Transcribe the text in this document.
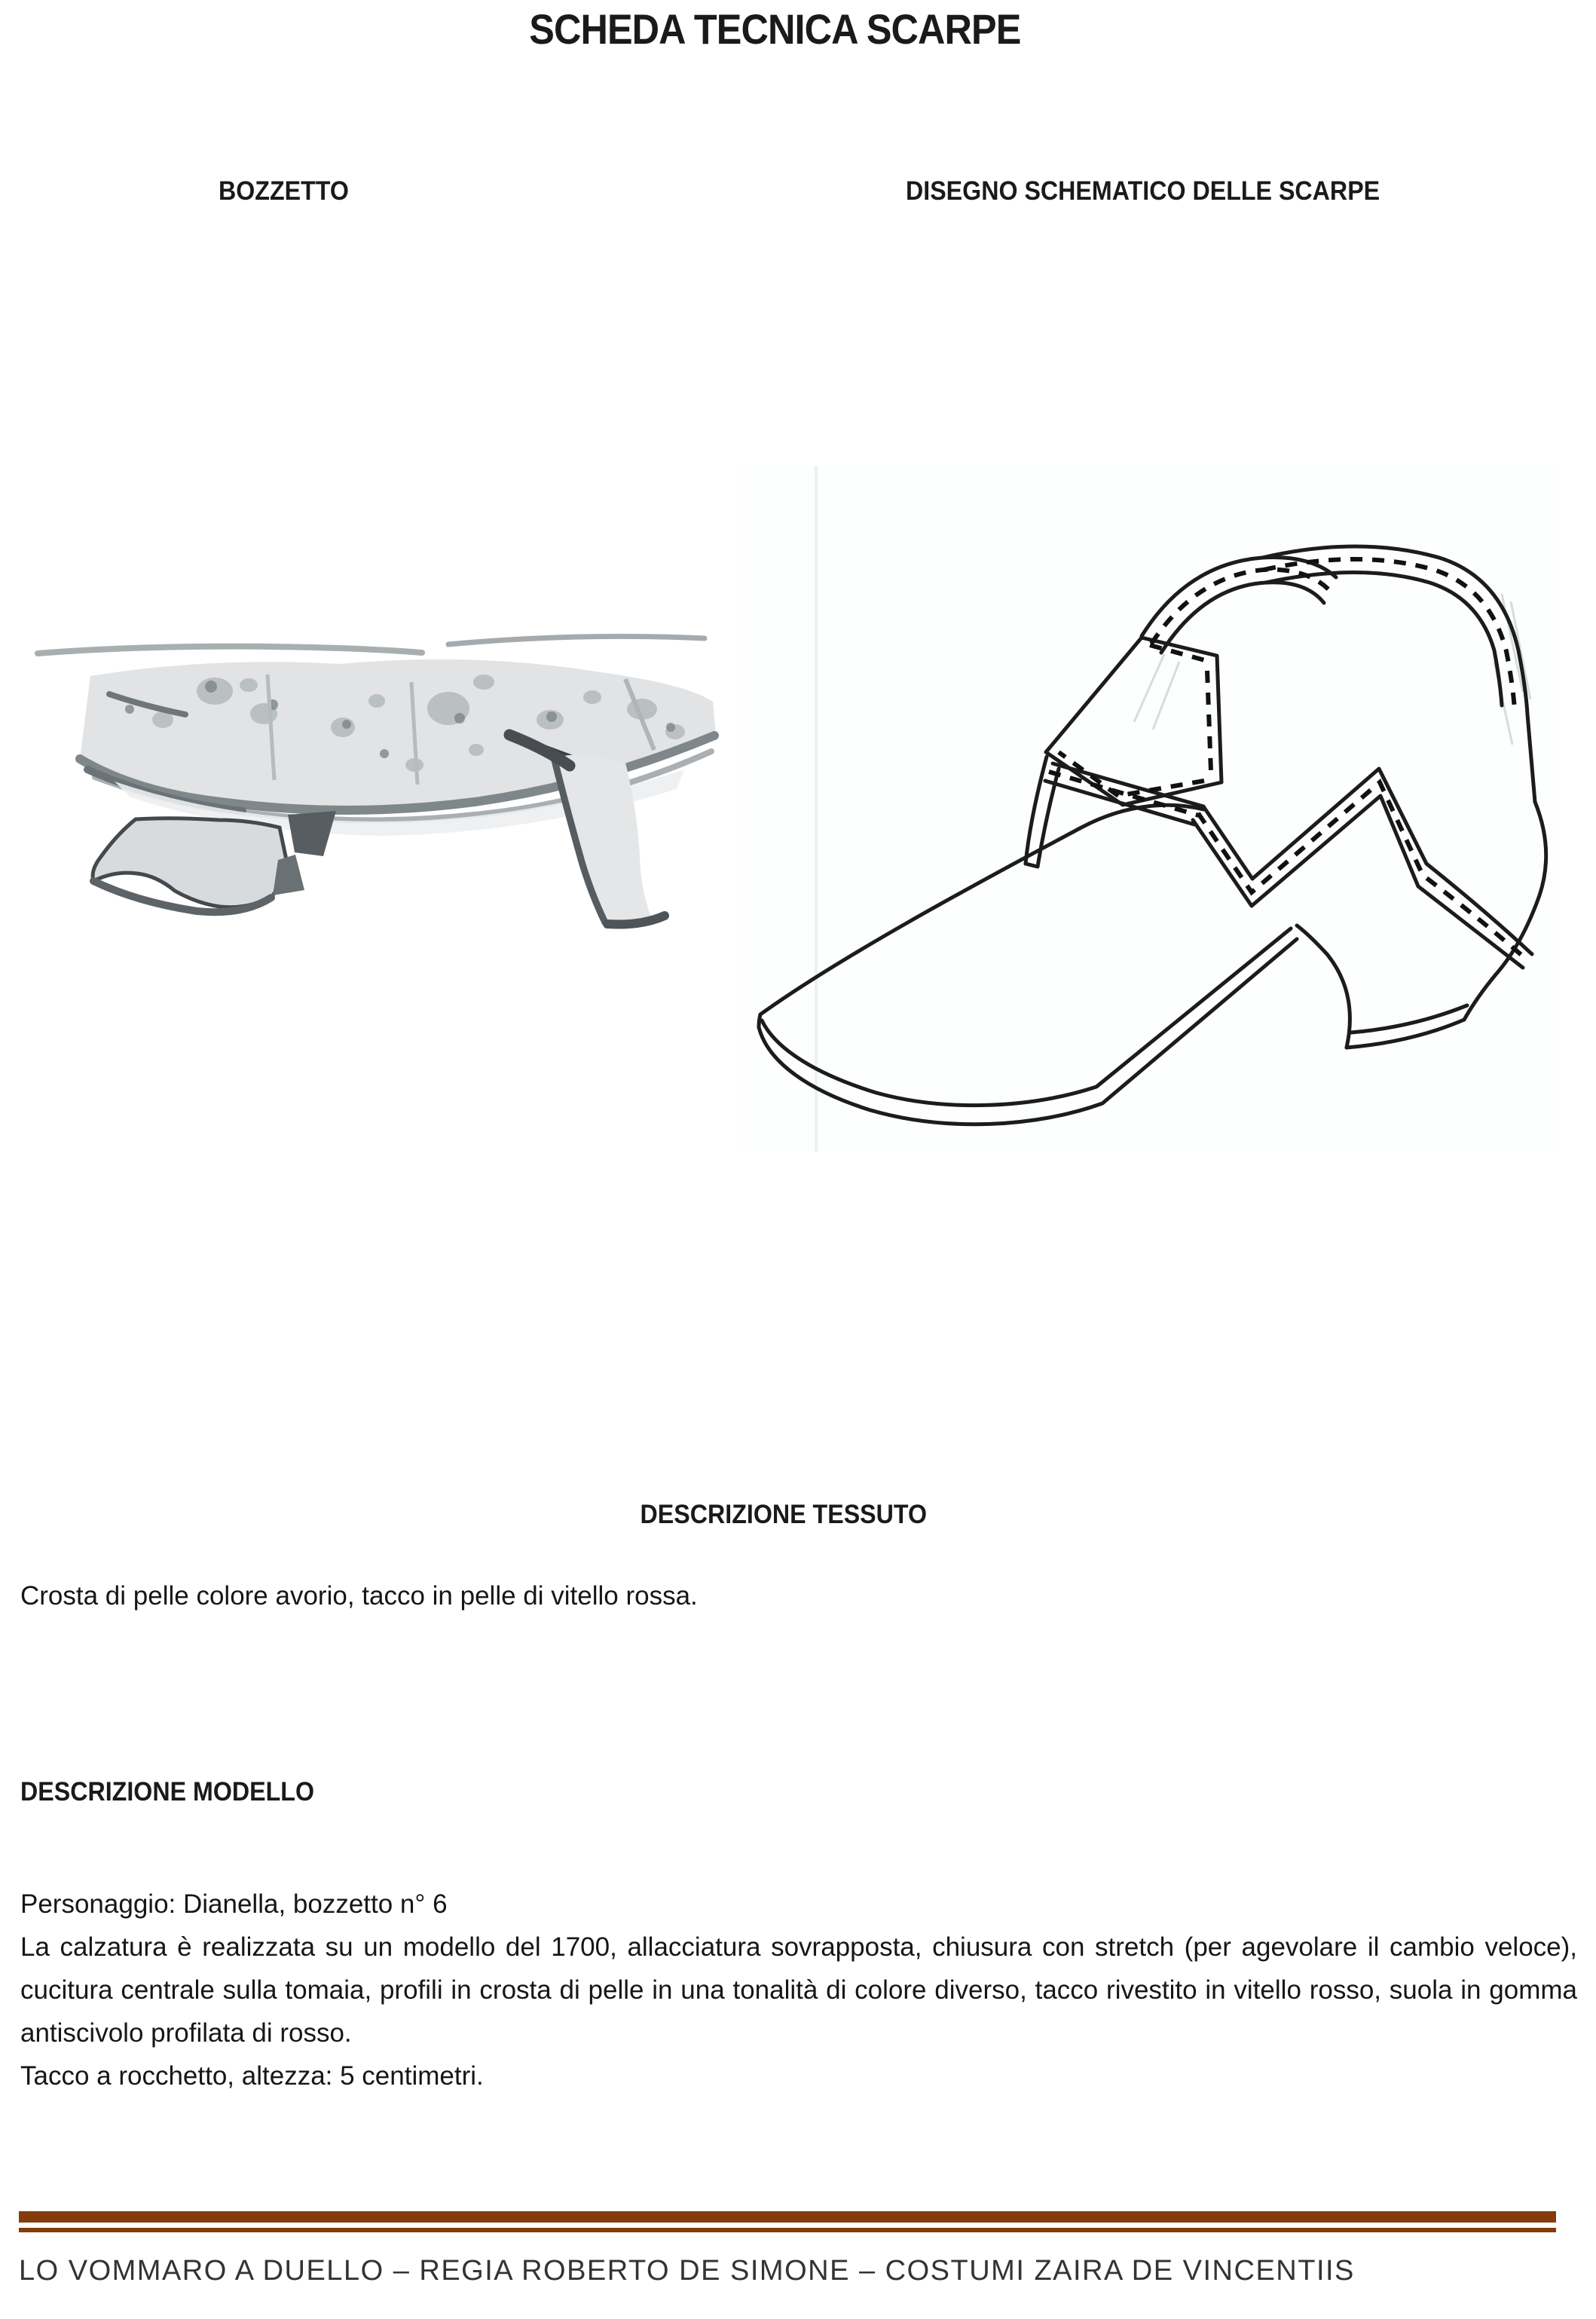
SCHEDA TECNICA SCARPE
BOZZETTO	DISEGNO SCHEMATICO DELLE SCARPE
DESCRIZIONE TESSUTO
Crosta di pelle colore avorio, tacco in pelle di vitello rossa.
DESCRIZIONE MODELLO
Personaggio: Dianella, bozzetto n° 6
La calzatura è realizzata su un modello del 1700, allacciatura sovrapposta, chiusura con stretch (per agevolare il cambio veloce), cucitura centrale sulla tomaia, profili in crosta di pelle in una tonalità di colore diverso, tacco rivestito in vitello rosso, suola in gomma antiscivolo profilata di rosso.
Tacco a rocchetto, altezza: 5 centimetri.
LO VOMMARO A DUELLO – REGIA ROBERTO DE SIMONE – COSTUMI ZAIRA DE VINCENTIIS
